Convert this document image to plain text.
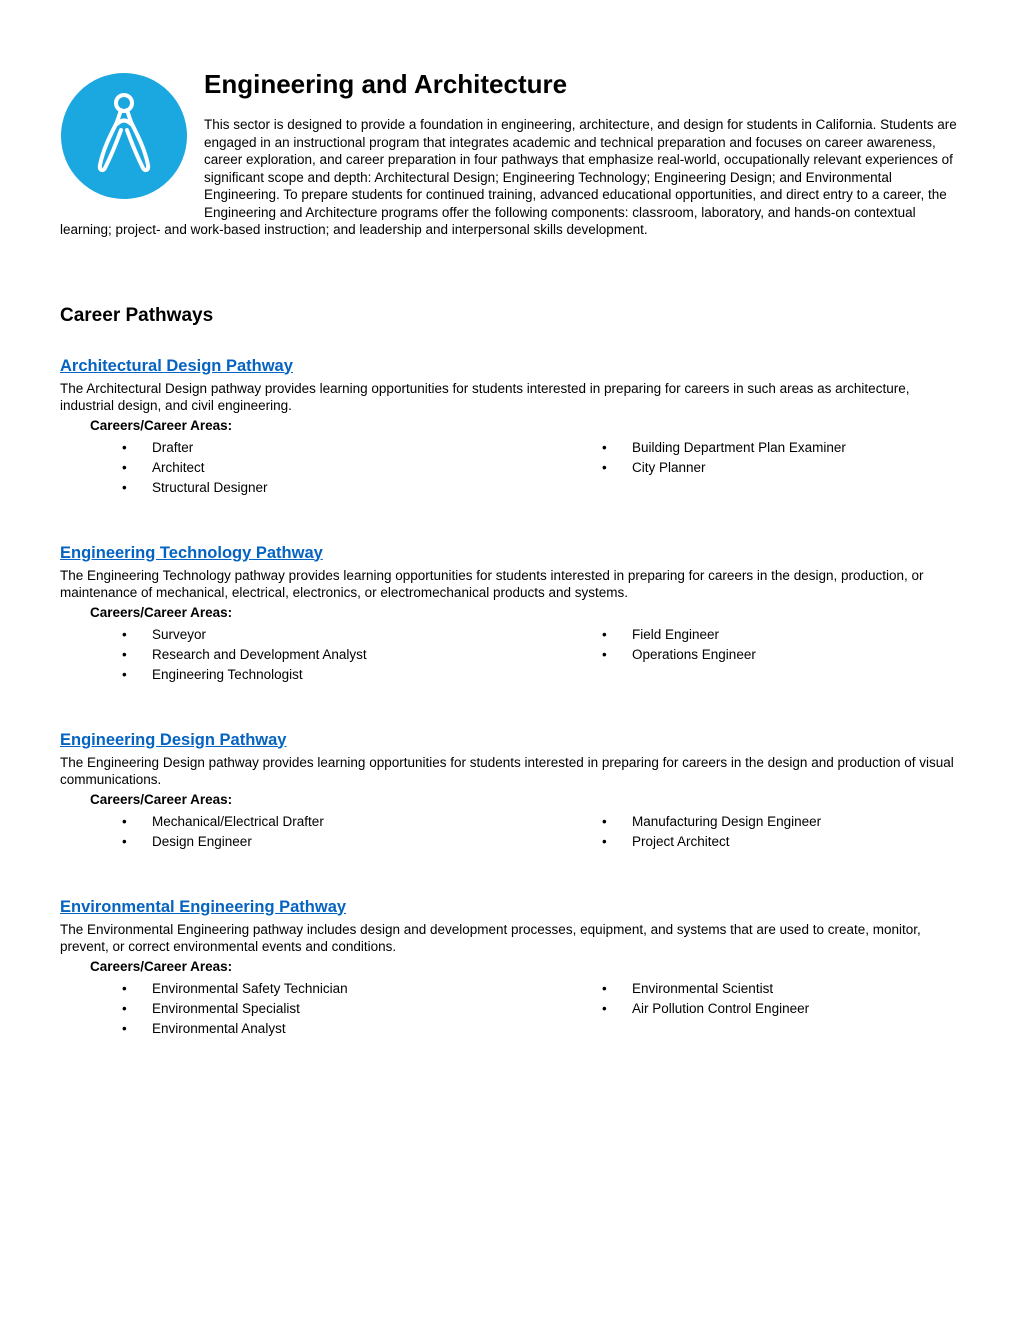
Engineering and Architecture

This sector is designed to provide a foundation in engineering, architecture, and design for students in California. Students are engaged in an instructional program that integrates academic and technical preparation and focuses on career awareness, career exploration, and career preparation in four pathways that emphasize real-world, occupationally relevant experiences of significant scope and depth: Architectural Design; Engineering Technology; Engineering Design; and Environmental Engineering. To prepare students for continued training, advanced educational opportunities, and direct entry to a career, the Engineering and Architecture programs offer the following components: classroom, laboratory, and hands-on contextual learning; project- and work-based instruction; and leadership and interpersonal skills development.

Career Pathways
Architectural Design Pathway

The Architectural Design pathway provides learning opportunities for students interested in preparing for careers in such areas as architecture, industrial design, and civil engineering.

Careers/Career Areas:

• Drafter
• Architect
• Structural Designer
• Building Department Plan Examiner
• City Planner
Engineering Technology Pathway

The Engineering Technology pathway provides learning opportunities for students interested in preparing for careers in the design, production, or maintenance of mechanical, electrical, electronics, or electromechanical products and systems.

Careers/Career Areas:

• Surveyor
• Research and Development Analyst
• Engineering Technologist
• Field Engineer
• Operations Engineer
Engineering Design Pathway

The Engineering Design pathway provides learning opportunities for students interested in preparing for careers in the design and production of visual communications.

Careers/Career Areas:

• Mechanical/Electrical Drafter
• Design Engineer
• Manufacturing Design Engineer
• Project Architect
Environmental Engineering Pathway

The Environmental Engineering pathway includes design and development processes, equipment, and systems that are used to create, monitor, prevent, or correct environmental events and conditions.

Careers/Career Areas:

• Environmental Safety Technician
• Environmental Specialist
• Environmental Analyst
• Environmental Scientist
• Air Pollution Control Engineer
